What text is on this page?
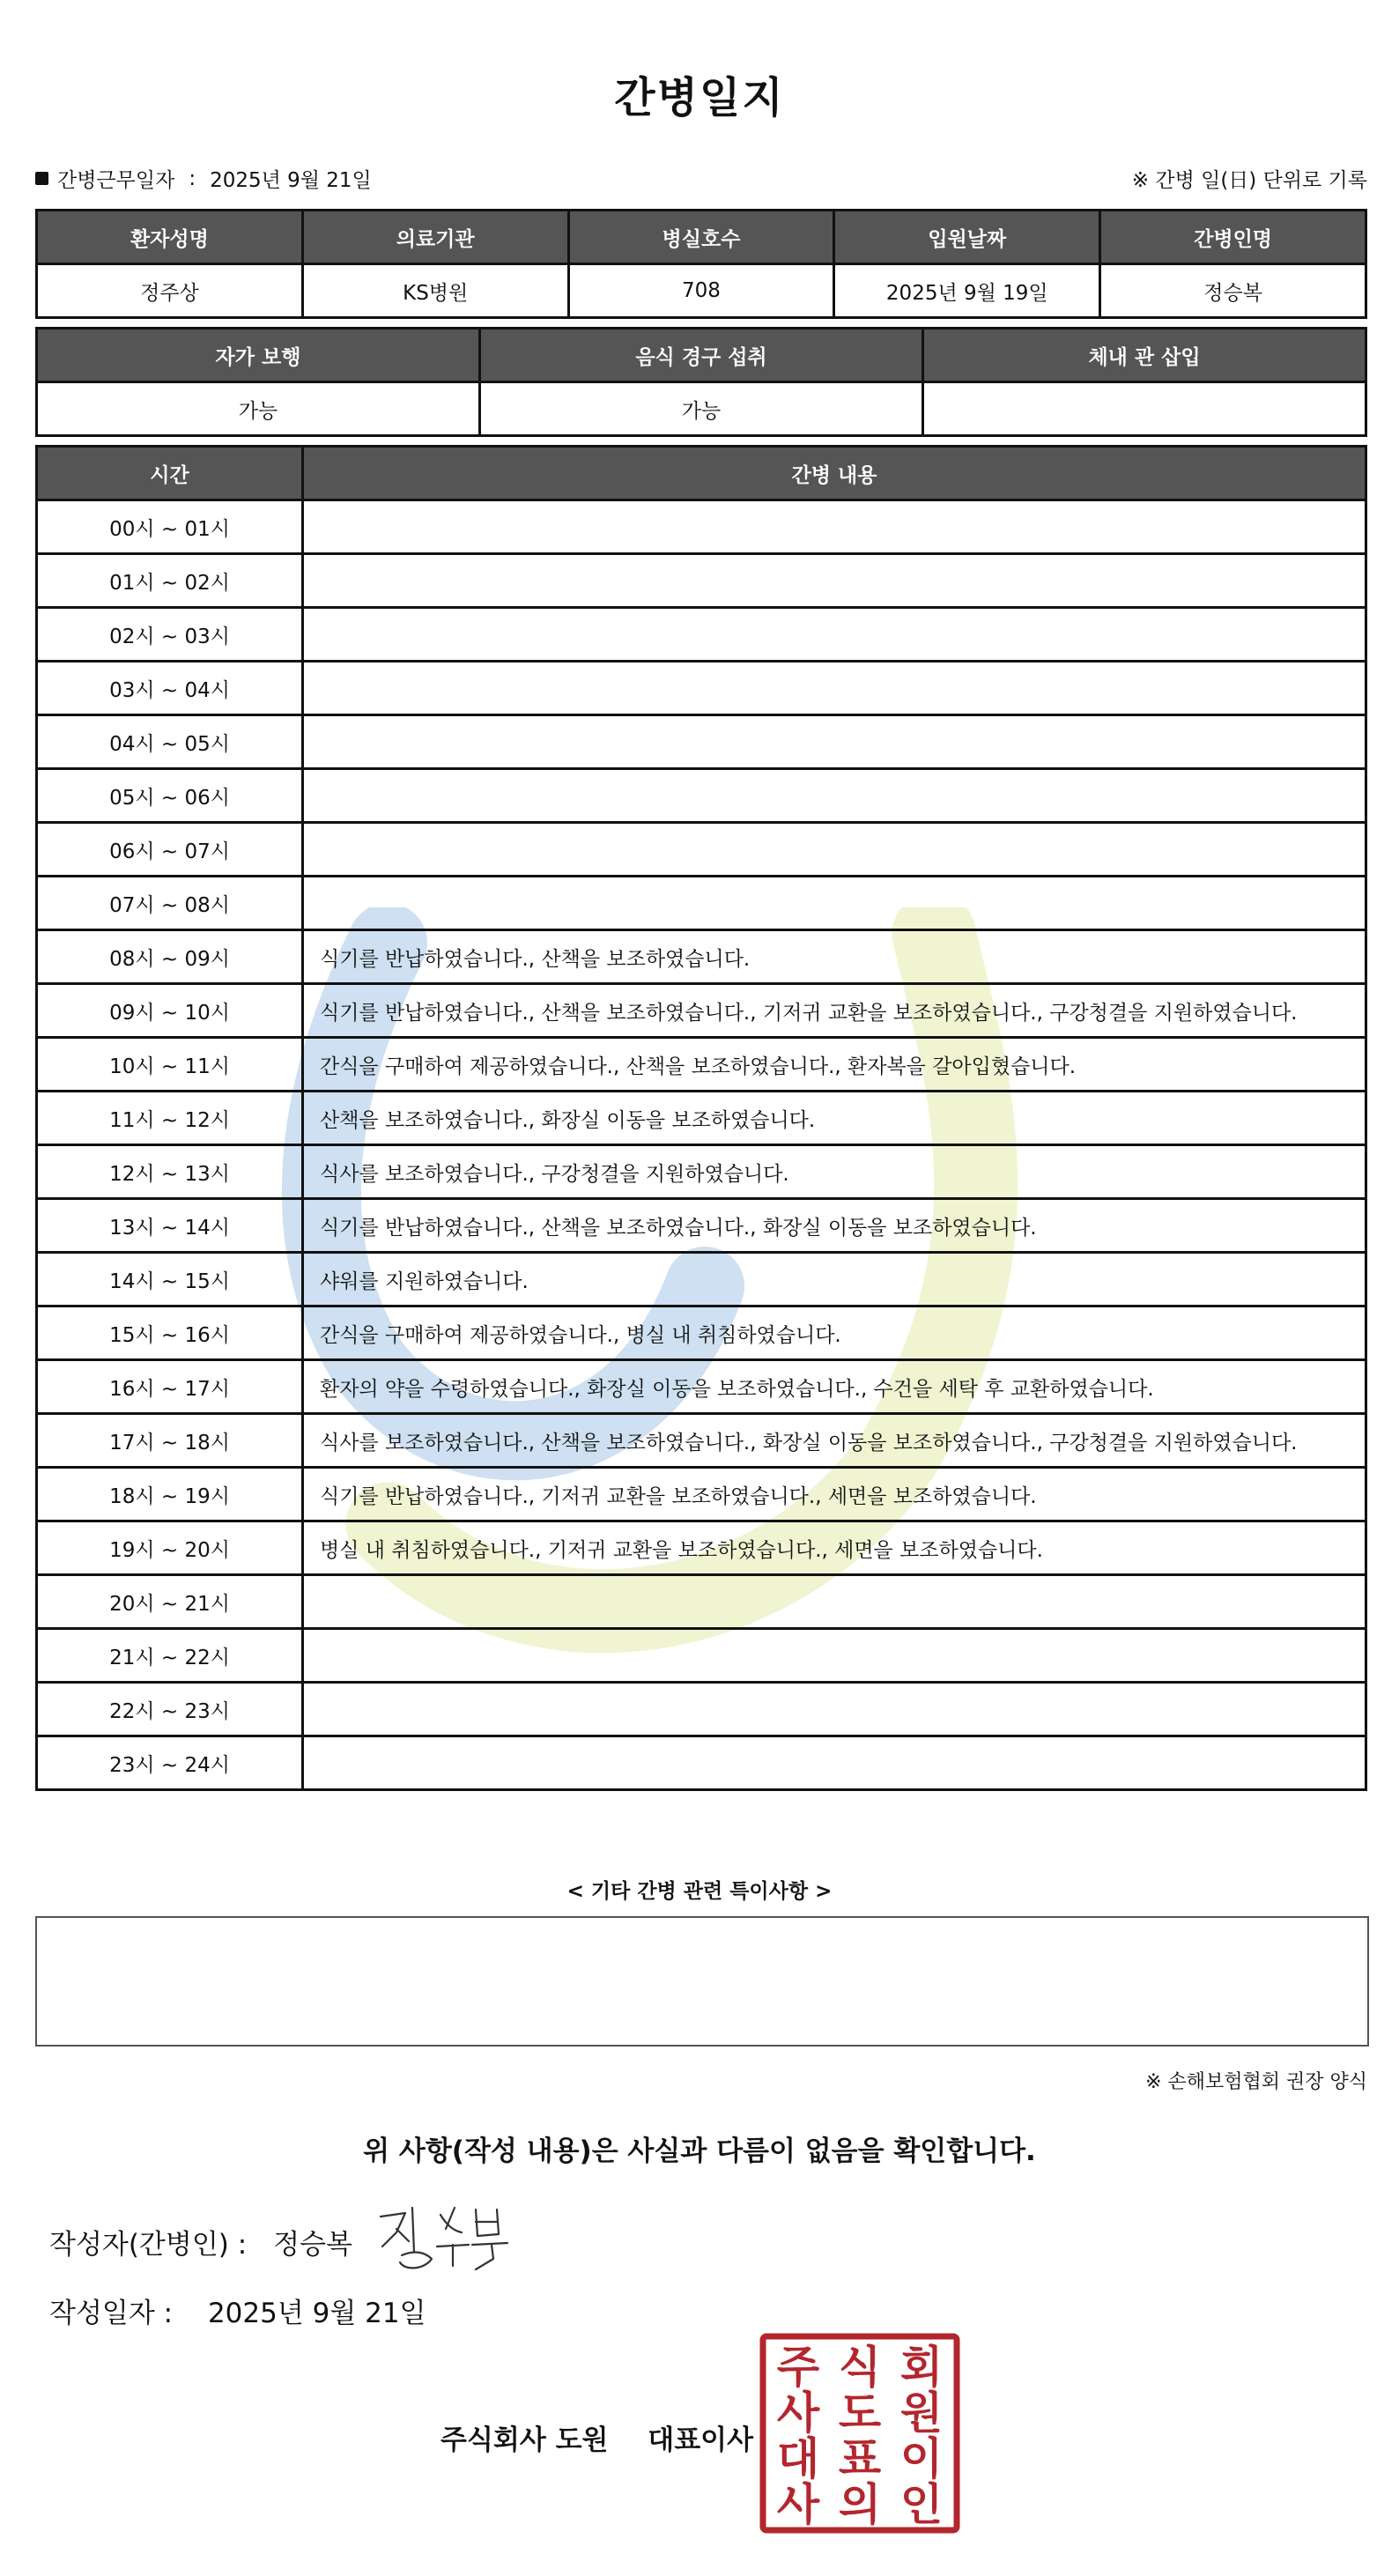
간병일지
간병근무일자 : 2025년 9월 21일	※ 간병 일(日) 단위로 기록
환자성명	의료기관	병실호수	입원날짜	간병인명
정주상	KS병원	708	2025년 9월 19일	정승복
자가 보행	음식 경구 섭취	체내 관 삽입
가능	가능	
시간	간병 내용
00시 ~ 01시	
01시 ~ 02시	
02시 ~ 03시	
03시 ~ 04시	
04시 ~ 05시	
05시 ~ 06시	
06시 ~ 07시	
07시 ~ 08시	
08시 ~ 09시	식기를 반납하였습니다., 산책을 보조하였습니다.
09시 ~ 10시	식기를 반납하였습니다., 산책을 보조하였습니다., 기저귀 교환을 보조하였습니다., 구강청결을 지원하였습니다.
10시 ~ 11시	간식을 구매하여 제공하였습니다., 산책을 보조하였습니다., 환자복을 갈아입혔습니다.
11시 ~ 12시	산책을 보조하였습니다., 화장실 이동을 보조하였습니다.
12시 ~ 13시	식사를 보조하였습니다., 구강청결을 지원하였습니다.
13시 ~ 14시	식기를 반납하였습니다., 산책을 보조하였습니다., 화장실 이동을 보조하였습니다.
14시 ~ 15시	샤워를 지원하였습니다.
15시 ~ 16시	간식을 구매하여 제공하였습니다., 병실 내 취침하였습니다.
16시 ~ 17시	환자의 약을 수령하였습니다., 화장실 이동을 보조하였습니다., 수건을 세탁 후 교환하였습니다.
17시 ~ 18시	식사를 보조하였습니다., 산책을 보조하였습니다., 화장실 이동을 보조하였습니다., 구강청결을 지원하였습니다.
18시 ~ 19시	식기를 반납하였습니다., 기저귀 교환을 보조하였습니다., 세면을 보조하였습니다.
19시 ~ 20시	병실 내 취침하였습니다., 기저귀 교환을 보조하였습니다., 세면을 보조하였습니다.
20시 ~ 21시	
21시 ~ 22시	
22시 ~ 23시	
23시 ~ 24시	
< 기타 간병 관련 특이사항 >
※ 손해보험협회 권장 양식
위 사항(작성 내용)은 사실과 다름이 없음을 확인합니다.
작성자(간병인) : 정승복
작성일자 : 2025년 9월 21일
주식회사 도원 대표이사
주 식 회
사 도 원
대 표 이
사 의 인
